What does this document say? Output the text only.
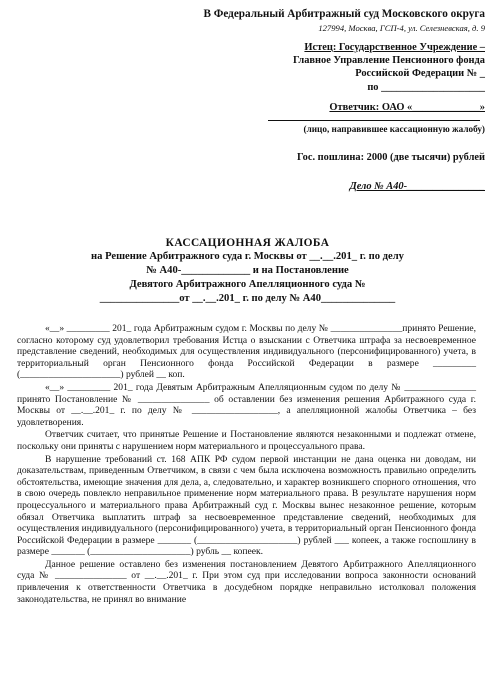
В Федеральный Арбитражный суд Московского округа
127994, Москва, ГСП-4, ул. Селезневская, д. 9
Истец: Государственное Учреждение –
Главное Управление Пенсионного фонда
Российской Федерации № _
по ____________________
Ответчик: ОАО «_____________»
(лицо, направившее кассационную жалобу)
Гос. пошлина: 2000 (две тысячи) рублей
Дело № А40-_______________
КАССАЦИОННАЯ ЖАЛОБА
на Решение Арбитражного суда г. Москвы от __.__.201_ г. по делу
№ А40-_____________ и на Постановление
Девятого Арбитражного Апелляционного суда №
_______________от __.__.201_ г. по делу № А40______________

«__» _________ 201_ года Арбитражным судом г. Москвы по делу № _______________принято Решение, согласно которому суд удовлетворил требования Истца о взыскании с Ответчика штрафа за несвоевременное представление сведений, необходимых для осуществления индивидуального (персонифицированного) учета, в территориальный орган Пенсионного фонда Российской Федерации в размере _________ (_____________________) рублей __ коп.

«__» _________ 201_ года Девятым Арбитражным Апелляционным судом по делу № _______________ принято Постановление № _______________ об оставлении без изменения решения Арбитражного суда г. Москвы от __.__.201_ г. по делу № __________________, а апелляционной жалобы Ответчика – без удовлетворения.

Ответчик считает, что принятые Решение и Постановление являются незаконными и подлежат отмене, поскольку они приняты с нарушением норм материального и процессуального права.

В нарушение требований ст. 168 АПК РФ судом первой инстанции не дана оценка ни доводам, ни доказательствам, приведенным Ответчиком, в связи с чем была исключена возможность правильно определить обстоятельства, имеющие значения для дела, а, следовательно, и характер возникшего спорного отношения, что в свою очередь повлекло неправильное применение норм материального права. В результате нарушения норм процессуального и материального права Арбитражный суд г. Москвы вынес незаконное решение, которым обязал Ответчика выплатить штраф за несвоевременное представление сведений, необходимых для осуществления индивидуального (персонифицированного) учета, в территориальный орган Пенсионного фонда Российской Федерации в размере _______ (_____________________) рублей ___ копеек, а также госпошлину в размере _______ (_____________________) рубль __ копеек.

Данное решение оставлено без изменения постановлением Девятого Арбитражного Апелляционного суда № _______________ от __.__.201_ г. При этом суд при исследовании вопроса законности оснований привлечения к ответственности Ответчика в досудебном порядке неправильно истолковал положения законодательства, не принял во внимание
